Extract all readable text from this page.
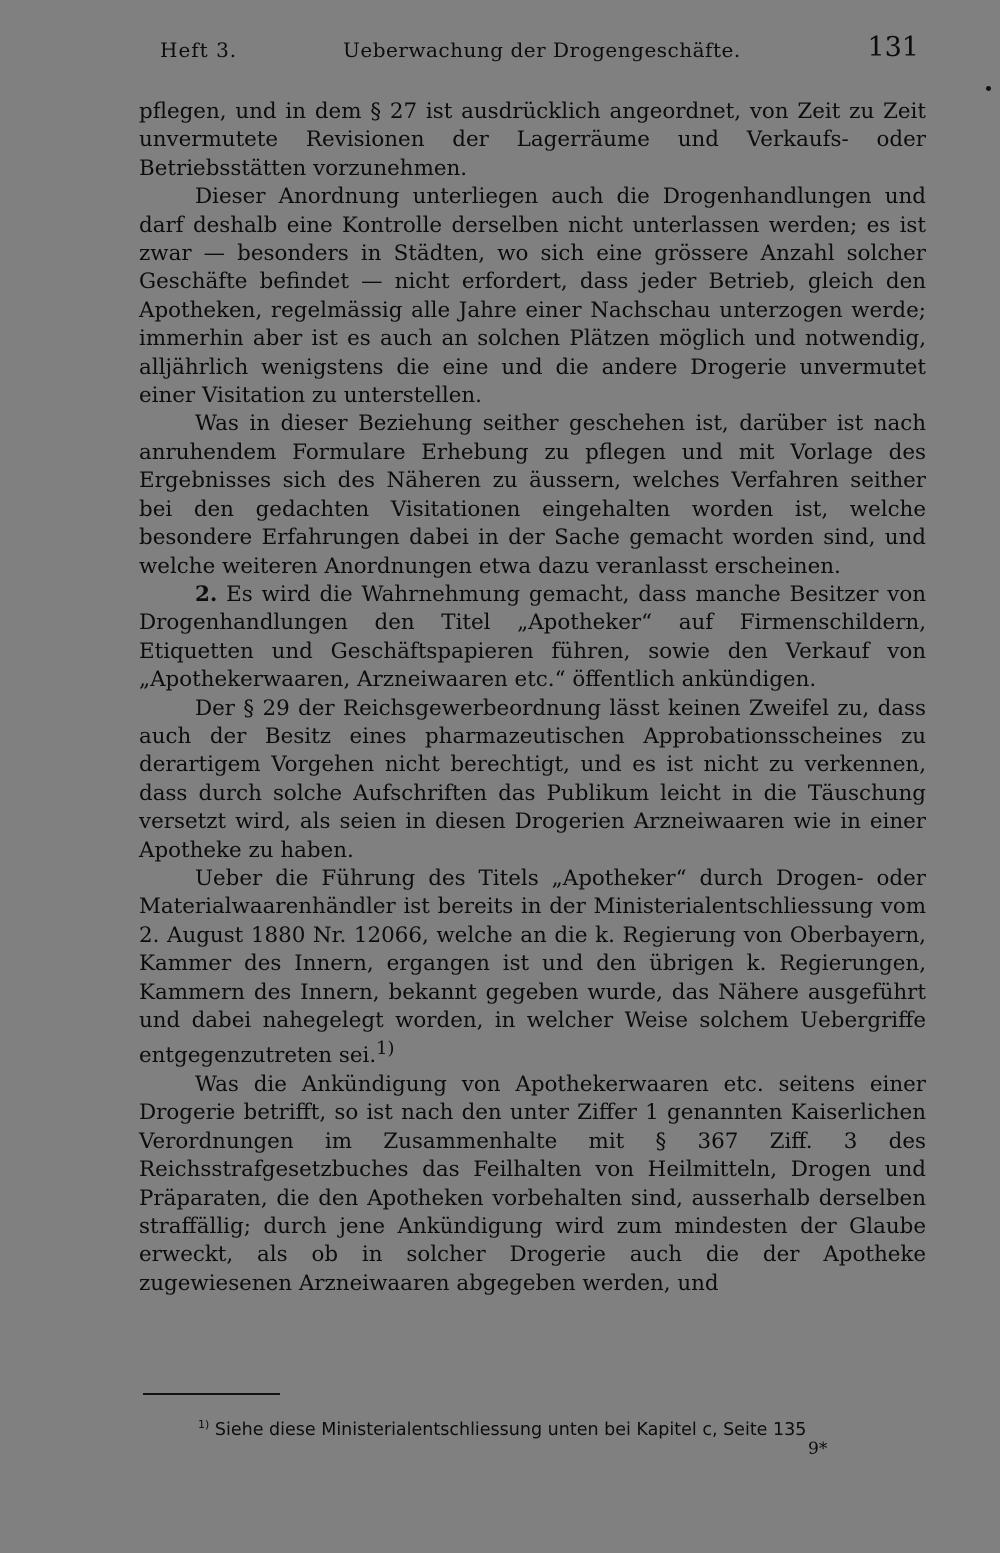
Heft 3.	Ueberwachung der Drogengeschäfte.	131

pflegen, und in dem § 27 ist ausdrücklich angeordnet, von Zeit zu Zeit unvermutete Revisionen der Lagerräume und Verkaufs- oder Betriebsstätten vorzunehmen.

Dieser Anordnung unterliegen auch die Drogenhandlungen und darf deshalb eine Kontrolle derselben nicht unterlassen werden; es ist zwar — besonders in Städten, wo sich eine grössere Anzahl solcher Geschäfte befindet — nicht erfordert, dass jeder Betrieb, gleich den Apotheken, regelmässig alle Jahre einer Nachschau unterzogen werde; immerhin aber ist es auch an solchen Plätzen möglich und notwendig, alljährlich wenigstens die eine und die andere Drogerie unvermutet einer Visitation zu unterstellen.

Was in dieser Beziehung seither geschehen ist, darüber ist nach anruhendem Formulare Erhebung zu pflegen und mit Vorlage des Ergebnisses sich des Näheren zu äussern, welches Verfahren seither bei den gedachten Visitationen eingehalten worden ist, welche besondere Erfahrungen dabei in der Sache gemacht worden sind, und welche weiteren Anordnungen etwa dazu veranlasst erscheinen.

2. Es wird die Wahrnehmung gemacht, dass manche Besitzer von Drogenhandlungen den Titel „Apotheker“ auf Firmenschildern, Etiquetten und Geschäftspapieren führen, sowie den Verkauf von „Apothekerwaaren, Arzneiwaaren etc.“ öffentlich ankündigen.

Der § 29 der Reichsgewerbeordnung lässt keinen Zweifel zu, dass auch der Besitz eines pharmazeutischen Approbationsscheines zu derartigem Vorgehen nicht berechtigt, und es ist nicht zu verkennen, dass durch solche Aufschriften das Publikum leicht in die Täuschung versetzt wird, als seien in diesen Drogerien Arzneiwaaren wie in einer Apotheke zu haben.

Ueber die Führung des Titels „Apotheker“ durch Drogen- oder Materialwaarenhändler ist bereits in der Ministerialentschliessung vom 2. August 1880 Nr. 12066, welche an die k. Regierung von Oberbayern, Kammer des Innern, ergangen ist und den übrigen k. Regierungen, Kammern des Innern, bekannt gegeben wurde, das Nähere ausgeführt und dabei nahegelegt worden, in welcher Weise solchem Uebergriffe entgegenzutreten sei.$^{1)}$

Was die Ankündigung von Apothekerwaaren etc. seitens einer Drogerie betrifft, so ist nach den unter Ziffer 1 genannten Kaiserlichen Verordnungen im Zusammenhalte mit § 367 Ziff. 3 des Reichsstrafgesetzbuches das Feilhalten von Heilmitteln, Drogen und Präparaten, die den Apotheken vorbehalten sind, ausserhalb derselben straffällig; durch jene Ankündigung wird zum mindesten der Glaube erweckt, als ob in solcher Drogerie auch die der Apotheke zugewiesenen Arzneiwaaren abgegeben werden, und

$^{1)}$ Siehe diese Ministerialentschliessung unten bei Kapitel c, Seite 135
9*
